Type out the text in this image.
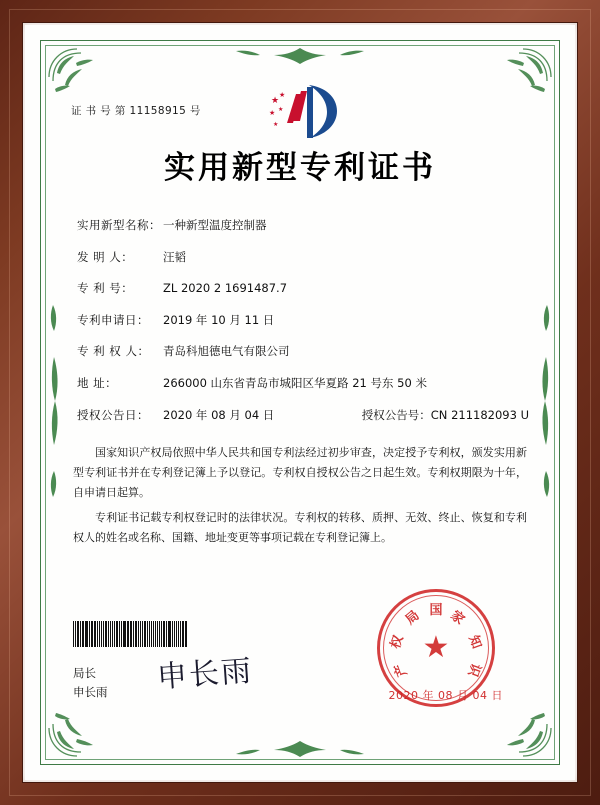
★
★
★ ★
★
证 书 号 第 11158915 号
实用新型专利证书
实用新型名称： 一种新型温度控制器
发 明 人：	汪韬
专 利 号：	ZL 2020 2 1691487.7
专利申请日：	2019 年 10 月 11 日
专 利 权 人：	青岛科旭德电气有限公司
地 址：	266000 山东省青岛市城阳区华夏路 21 号东 50 米
授权公告日：	2020 年 08 月 04 日	授权公告号： CN 211182093 U

国家知识产权局依照中华人民共和国专利法经过初步审查，决定授予专利权，颁发实用新型专利证书并在专利登记簿上予以登记。专利权自授权公告之日起生效。专利权期限为十年，自申请日起算。

专利证书记载专利权登记时的法律状况。专利权的转移、质押、无效、终止、恢复和专利权人的姓名或名称、国籍、地址变更等事项记载在专利登记簿上。

局长
申长雨 申长雨
★
国 家
知
识
产
权
局
2020 年 08 月 04 日
